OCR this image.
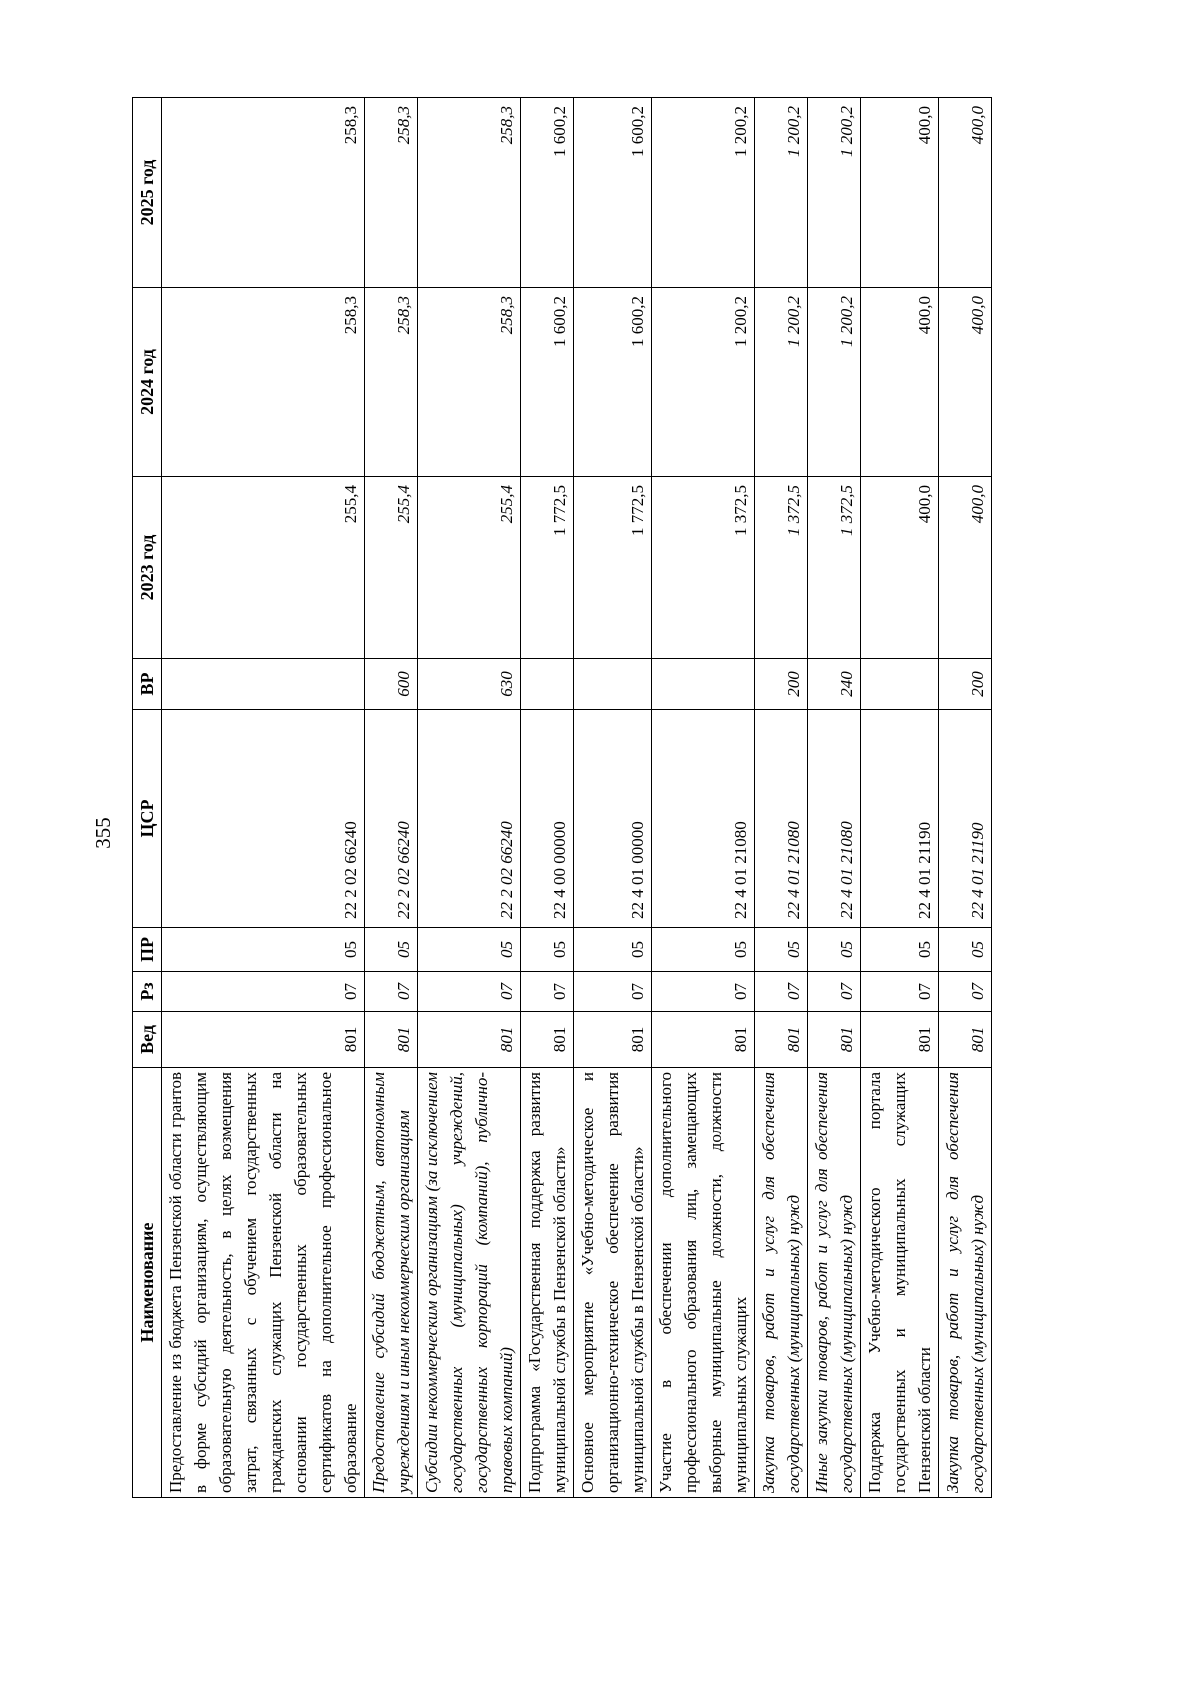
355
Наименование	Вед	Рз	ПР	ЦСР	ВР	2023 год	2024 год	2025 год
Предоставление из бюджета Пензенской области грантов в форме субсидий организациям, осуществляющим образовательную деятельность, в целях возмещения затрат, связанных с обучением государственных гражданских служащих Пензенской области на основании государственных образовательных сертификатов на дополнительное профессиональное образование	801	07	05	22 2 02 66240		255,4	258,3	258,3
Предоставление субсидий бюджетным, автономным учреждениям и иным некоммерческим организациям	801	07	05	22 2 02 66240	600	255,4	258,3	258,3
Субсидии некоммерческим организациям (за исключением государственных (муниципальных) учреждений, государственных корпораций (компаний), публично-правовых компаний)	801	07	05	22 2 02 66240	630	255,4	258,3	258,3
Подпрограмма «Государственная поддержка развития муниципальной службы в Пензенской области»	801	07	05	22 4 00 00000		1 772,5	1 600,2	1 600,2
Основное мероприятие «Учебно-методическое и организационно-техническое обеспечение развития муниципальной службы в Пензенской области»	801	07	05	22 4 01 00000		1 772,5	1 600,2	1 600,2
Участие в обеспечении дополнительного профессионального образования лиц, замещающих выборные муниципальные должности, должности муниципальных служащих	801	07	05	22 4 01 21080		1 372,5	1 200,2	1 200,2
Закупка товаров, работ и услуг для обеспечения государственных (муниципальных) нужд	801	07	05	22 4 01 21080	200	1 372,5	1 200,2	1 200,2
Иные закупки товаров, работ и услуг для обеспечения государственных (муниципальных) нужд	801	07	05	22 4 01 21080	240	1 372,5	1 200,2	1 200,2
Поддержка Учебно-методического портала государственных и муниципальных служащих Пензенской области	801	07	05	22 4 01 21190		400,0	400,0	400,0
Закупка товаров, работ и услуг для обеспечения государственных (муниципальных) нужд	801	07	05	22 4 01 21190	200	400,0	400,0	400,0
